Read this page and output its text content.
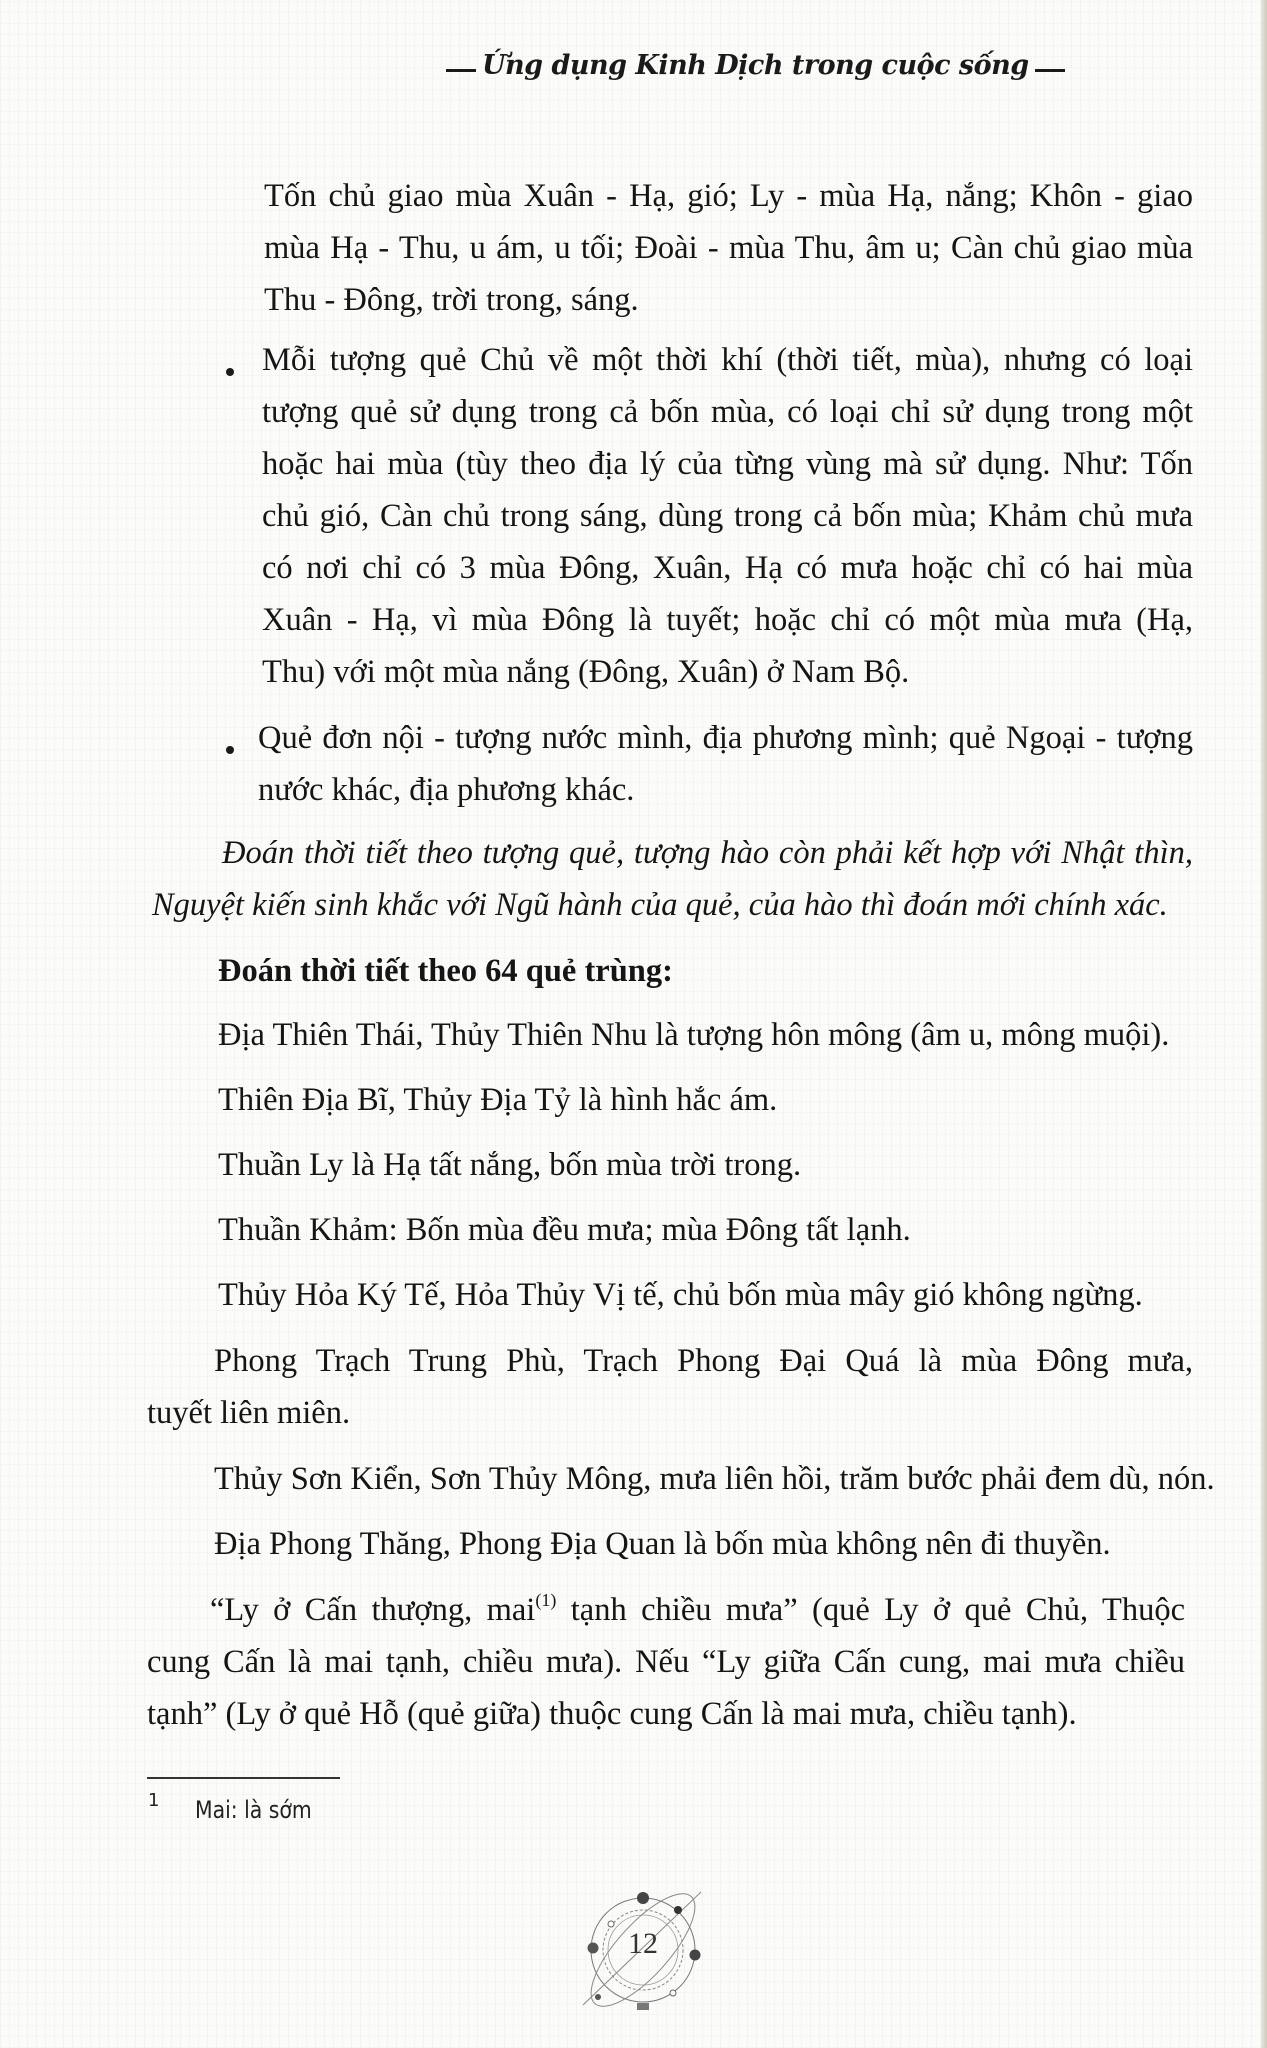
Ứng dụng Kinh Dịch trong cuộc sống
Tốn chủ giao mùa Xuân - Hạ, gió; Ly - mùa Hạ, nắng; Khôn - giao
mùa Hạ - Thu, u ám, u tối; Đoài - mùa Thu, âm u; Càn chủ giao mùa
Thu - Đông, trời trong, sáng.
Mỗi tượng quẻ Chủ về một thời khí (thời tiết, mùa), nhưng có loại
tượng quẻ sử dụng trong cả bốn mùa, có loại chỉ sử dụng trong một
hoặc hai mùa (tùy theo địa lý của từng vùng mà sử dụng. Như: Tốn
chủ gió, Càn chủ trong sáng, dùng trong cả bốn mùa; Khảm chủ mưa
có nơi chỉ có 3 mùa Đông, Xuân, Hạ có mưa hoặc chỉ có hai mùa
Xuân - Hạ, vì mùa Đông là tuyết; hoặc chỉ có một mùa mưa (Hạ,
Thu) với một mùa nắng (Đông, Xuân) ở Nam Bộ.
Quẻ đơn nội - tượng nước mình, địa phương mình; quẻ Ngoại - tượng
nước khác, địa phương khác.
Đoán thời tiết theo tượng quẻ, tượng hào còn phải kết hợp với Nhật thìn,
Nguyệt kiến sinh khắc với Ngũ hành của quẻ, của hào thì đoán mới chính xác.
Đoán thời tiết theo 64 quẻ trùng:
Địa Thiên Thái, Thủy Thiên Nhu là tượng hôn mông (âm u, mông muội).
Thiên Địa Bĩ, Thủy Địa Tỷ là hình hắc ám.
Thuần Ly là Hạ tất nắng, bốn mùa trời trong.
Thuần Khảm: Bốn mùa đều mưa; mùa Đông tất lạnh.
Thủy Hỏa Ký Tế, Hỏa Thủy Vị tế, chủ bốn mùa mây gió không ngừng.
Phong Trạch Trung Phù, Trạch Phong Đại Quá là mùa Đông mưa,
tuyết liên miên.
Thủy Sơn Kiển, Sơn Thủy Mông, mưa liên hồi, trăm bước phải đem dù, nón.
Địa Phong Thăng, Phong Địa Quan là bốn mùa không nên đi thuyền.
“Ly ở Cấn thượng, mai$^{(1)}$ tạnh chiều mưa” (quẻ Ly ở quẻ Chủ, Thuộc
cung Cấn là mai tạnh, chiều mưa). Nếu “Ly giữa Cấn cung, mai mưa chiều
tạnh” (Ly ở quẻ Hỗ (quẻ giữa) thuộc cung Cấn là mai mưa, chiều tạnh).
1 Mai: là sớm
12
